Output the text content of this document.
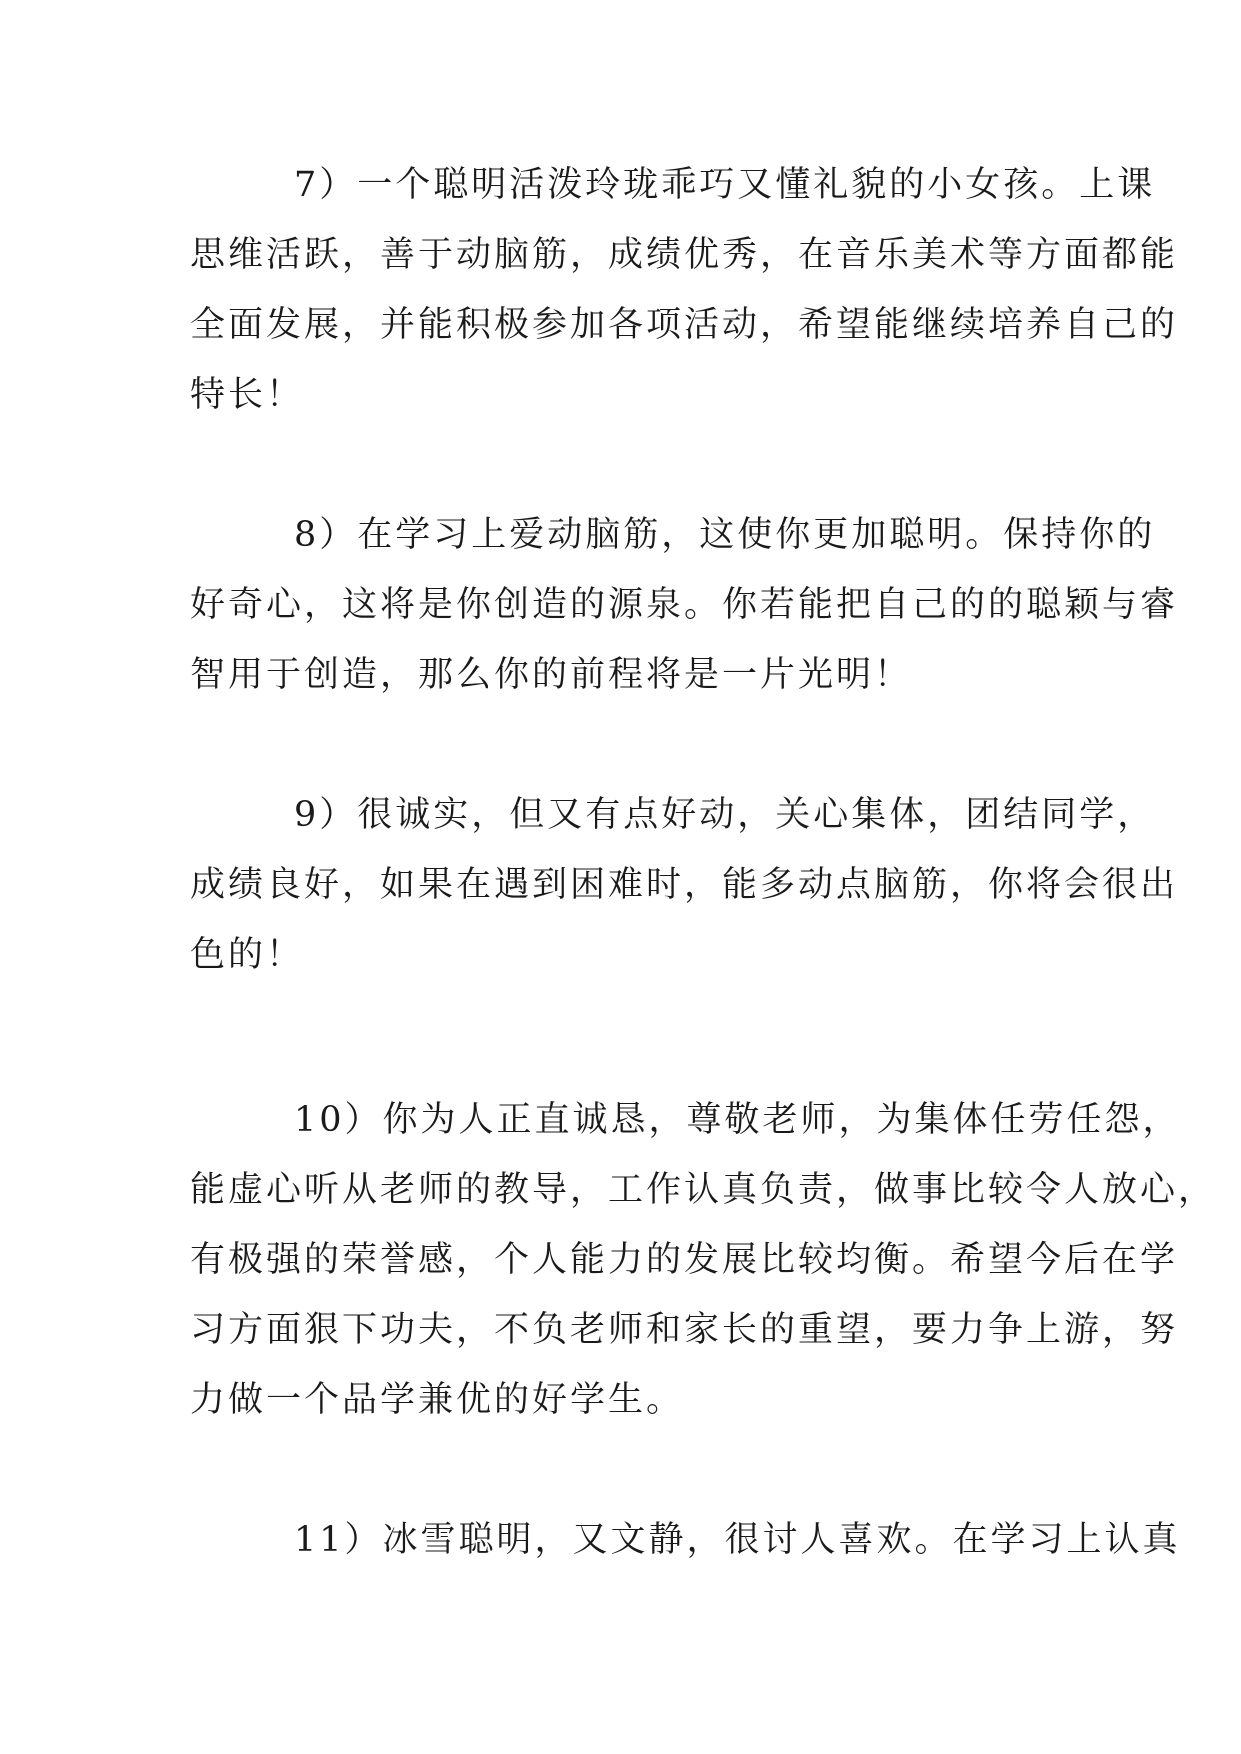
7）一个聪明活泼玲珑乖巧又懂礼貌的小女孩。上课
思维活跃，善于动脑筋，成绩优秀，在音乐美术等方面都能
全面发展，并能积极参加各项活动，希望能继续培养自己的
特长！
8）在学习上爱动脑筋，这使你更加聪明。保持你的
好奇心，这将是你创造的源泉。你若能把自己的的聪颖与睿
智用于创造，那么你的前程将是一片光明！
9）很诚实，但又有点好动，关心集体，团结同学，
成绩良好，如果在遇到困难时，能多动点脑筋，你将会很出
色的！
10）你为人正直诚恳，尊敬老师，为集体任劳任怨，
能虚心听从老师的教导，工作认真负责，做事比较令人放心，
有极强的荣誉感，个人能力的发展比较均衡。希望今后在学
习方面狠下功夫，不负老师和家长的重望，要力争上游，努
力做一个品学兼优的好学生。
11）冰雪聪明，又文静，很讨人喜欢。在学习上认真
